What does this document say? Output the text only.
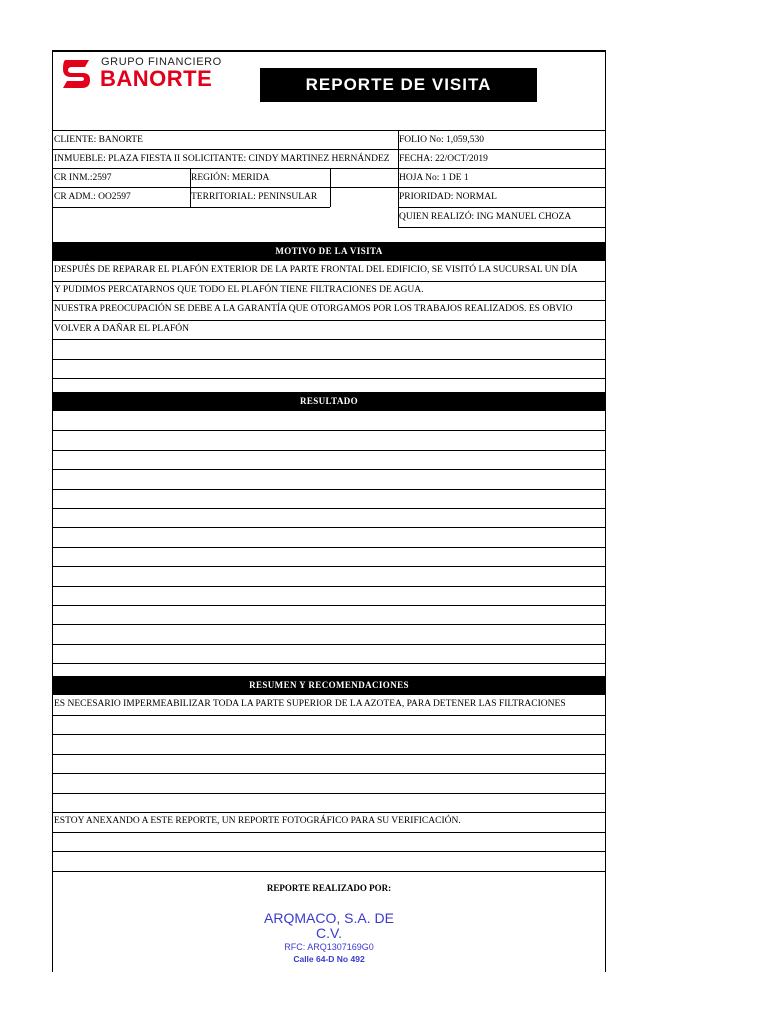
GRUPO FINANCIERO
BANORTE	REPORTE DE VISITA
CLIENTE: BANORTE	FOLIO No: 1,059,530
INMUEBLE: PLAZA FIESTA II SOLICITANTE: CINDY MARTINEZ HERNÁNDEZ FECHA: 22/OCT/2019
CR INM.:2597	REGIÓN: MERIDA	HOJA No: 1 DE 1
CR ADM.: OO2597	TERRITORIAL: PENINSULAR	PRIORIDAD: NORMAL
QUIEN REALIZÓ: ING MANUEL CHOZA
MOTIVO DE LA VISITA
DESPUÉS DE REPARAR EL PLAFÓN EXTERIOR DE LA PARTE FRONTAL DEL EDIFICIO, SE VISITÓ LA SUCURSAL UN DÍA
Y PUDIMOS PERCATARNOS QUE TODO EL PLAFÓN TIENE FILTRACIONES DE AGUA.
NUESTRA PREOCUPACIÓN SE DEBE A LA GARANTÍA QUE OTORGAMOS POR LOS TRABAJOS REALIZADOS. ES OBVIO
VOLVER A DAÑAR EL PLAFÓN
RESULTADO
RESUMEN Y RECOMENDACIONES
ES NECESARIO IMPERMEABILIZAR TODA LA PARTE SUPERIOR DE LA AZOTEA, PARA DETENER LAS FILTRACIONES
ESTOY ANEXANDO A ESTE REPORTE, UN REPORTE FOTOGRÁFICO PARA SU VERIFICACIÓN.
REPORTE REALIZADO POR:
ARQMACO, S.A. DE
C.V.
RFC: ARQ1307169G0
Calle 64-D No 492
